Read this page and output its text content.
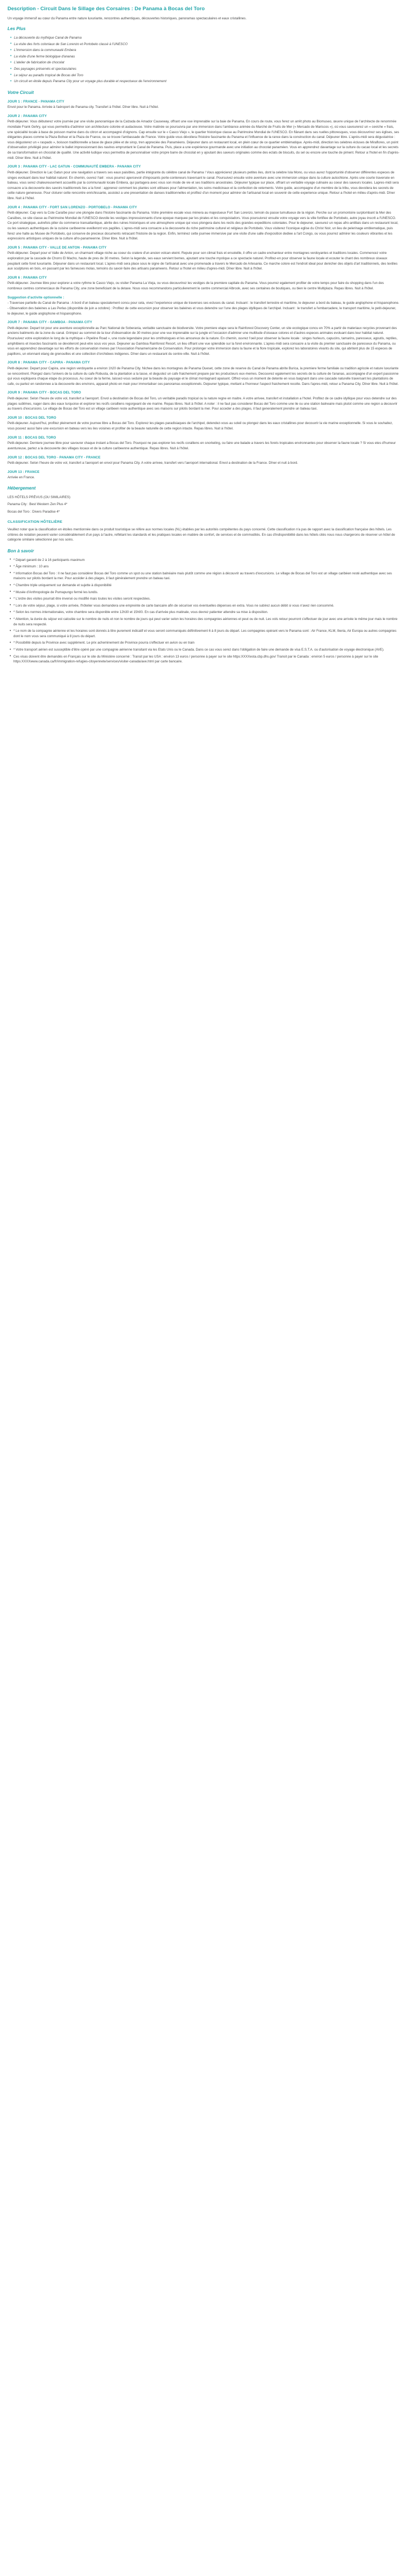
Description - Circuit Dans le Sillage des Corsaires : De Panama à Bocas del Toro

Un voyage immersif au cœur du Panama entre nature luxuriante, rencontres authentiques, découvertes historiques, panoramas spectaculaires et eaux cristallines.

Les Plus
• La découverte du mythique Canal de Panama
• La visite des forts coloniaux de San Lorenzo et Portobelo classé à l'UNESCO
• L'immersion dans la communauté Embera
• La visite d'une ferme biologique d'ananas
• L'atelier de fabrication de chocolat
• Des paysages préservés et spectaculaires
• Le séjour au paradis tropical de Bocas del Toro
• Un circuit en étoile depuis Panama City pour un voyage plus durable et respectueux de l'environnement
Votre Circuit
JOUR 1 : FRANCE - PANAMA CITY

Envol pour le Panama. Arrivée à l'aéroport de Panama city. Transfert à l'hôtel. Dîner libre. Nuit à l'hôtel.

JOUR 2 : PANAMA CITY

Petit-déjeuner. Vous débuterez votre journée par une visite panoramique de la Calzada de Amador Causeway, offrant une vue imprenable sur la baie de Panama. En cours de route, vous ferez un arrêt photo au Biomuseo, œuvre unique de l'architecte de renommée mondiale Frank Gehry, qui vous permettra d'admirer son architecture colorée et audacieuse. Votre matinée se poursuivra par une immersion dans l'ambiance animée du Marché de Fruits de Mer (« Mercado de Mariscos »), où vous savourerez un « ceviche » frais, une spécialité locale à base de poisson marine dans du citron et accompagné d'oignons. Cap ensuite sur le « Casco Viejo », le quartier historique classe au Patrimoine Mondial de l'UNESCO. En flânant dans ses ruelles pittoresques, vous découvrirez ses églises, ses élégantes places comme la Plaza Bolivar et la Plaza de France, ou se trouve l'ambassade de France. Votre guide vous dévoilera l'histoire fascinante du Panama et l'influence de la rance dans la construction du canal. Déjeuner libre. L'après-midi sera dégustatrice : vous dégusterez un « raspado », boisson traditionnelle a base de glace pilée et de sirop, tren appreciée des Panaméens. Déjeuner dans un restaurant local, en plein cœur de ce quartier emblématique. Après-midi, direction les celebres écluses de Miraflores, un point d'observation privilégié pour admirer le ballet impressionnant des navires empruntant le Canal de Panama. Puis, place a une expérience gourmande avec une initiation au chocolat panaméen. Vous en apprendrez davantage sur la culture du cacao local et les secrets de sa transformation en chocolat de qualité. Une activité ludique vous permettra de personnaliser votre propre barre de chocolat en y ajoutant des saveurs originales comme des eclats de biscuits, du sel ou encore une touche de piment. Retour a l'hotel en fin d'après-midi. Dîner libre. Nuit à l'hôtel.

JOUR 3 : PANAMA CITY - LAC GATUN - COMMUNAUTÉ EMBERA - PANAMA CITY

Petit-déjeuner. Direction le Lac Gatun pour une navigation a travers ses eaux paisibles, partie intégrante du célèbre canal de Panama ! Vous apprécierez plusieurs petites iles, dont la celebre Isla Mono, ou vous aurez l'opportunité d'observer différentes especes de singes evoluant dans leur habitat naturel. En chemin, ouvrez l'œil : vous pourrez apercevoir d'imposants porte-conteneurs traversant le canal. Poursuivez ensuite votre aventure avec une immersion unique dans la culture autochtone. Après une courte traversée en bateau, vous serez chaleureusement accueillis par la communauté locale Embera, qui partagera avec vous son mode de vie et ses traditions ancestrales. Déjeuner typique sur place, offrant un veritable voyage culinaire au coeur des saveurs locales. Lapres-midi sera consacre a la decouverte des savoirs traditionnels lies a la foret : apprenez comment les plantes sont utilisees pour l'alimentation, les soins medicinaux et la confection de vetements. Votre guide, accompagne d'un membre de la tribu, vous devoilera les secrets de cette nature genereuse. Pour cloturer cette rencontre enrichissante, assistez a une presentation de danses traditionnelles et profitez d'un moment pour admirer de l'artisanat local en souvenir de cette experience unique. Retour a l'hotel en milieu d'après-midi. Dîner libre. Nuit à l'hôtel.

JOUR 4 : PANAMA CITY - FORT SAN LORENZO - PORTOBELO - PANAMA CITY

Petit-déjeuner. Cap vers la Cote Caraïbe pour une plongée dans l'histoire fascinante du Panama. Votre première escale vous mènera au majestueux Fort San Lorenzo, temoin du passe tumultueux de la région. Perche sur un promontoire surplombant la Mer des Caraïbes, ce site classe au Patrimoine Mondial de l'UNESCO devoile les vestiges impressionnants d'une epoque marquee par les pirates et les conquistadors. Vous poursuivrez ensuite votre voyage vers la ville fortifiee de Portobelo, autre joyau inscrit a l'UNESCO. Ce port strategique, autrefois pilier du commerce transatlantique, abrite des ruines historiques et une atmosphere unique qui vous plongera dans les recits des grandes expeditions coloniales. Pour le dejeuner, savourez un repas afro-antillais dans un restaurant local, ou les saveurs authentiques de la cuisine caribeenne eveilleront vos papilles. L'apres-midi sera consacre a la decouverte du riche patrimoine culturel et religieux de Portobelo. Vous visiterez l'iconique eglise du Christ Noir, un lieu de pelerinage emblematique, puis ferez une halte au Musee de Portobelo, qui conserve de precieux documents retracant l'histoire de la region. Enfin, terminez cette journee immersive par une visite d'une salle d'exposition dediee a l'art Congo, ou vous pourrez admirer les couleurs vibrantes et les expressions artistiques uniques de la culture afro-panameenne. Dîner libre. Nuit à l'hôtel.

JOUR 5 : PANAMA CITY - VALLE DE ANTON - PANAMA CITY

Petit-déjeuner. Depart pour el Valle de Anton, un charmant village niche au coeur du cratere d'un ancien volcan eteint. Repute pour son climat frais et ensoleille, il offre un cadre enchanteur entre montagnes verdoyantes et traditions locales. Commencez votre exploration par la cascade de Chorro El Macho, haute de pres de 30 metres. Selon la legende, ses eaux servient bemes, ajoutant une touche mystique a ce spectacle naturel. Profitez-en pour observer la faune locale et ecouter le chant des nombreux oiseaux peuplant cette foret luxuriante. Déjeuner dans un restaurant local. L'apres-midi sera place sous le signe de l'artisanat avec une promenade a travers le Mercado de Artesania. Ce marche colore est l'endroit ideal pour denicher des objets d'art traditionnels, des textiles aux sculptures en bois, en passant par les fameuses molas, temoins du savoir-faire des artisans panameens. Retour a l'hotel en milieu d'apres-midi. Dîner libre. Nuit à l'hôtel.

JOUR 6 : PANAMA CITY

Petit-déjeuner. Journee libre pour explorer a votre rythme le Casco Viejo, ou visiter Panama La Vieja, ou vous decouvrirez les vestiges de la premiere capitale du Panama. Vous pourrez egalement profiter de votre temps pour faire du shopping dans l'un des nombreux centres commerciaux de Panama City, une zone beneficiant de la detaxe. Nous vous recommandons particulierement le centre commercial Albrook, avec ses centaines de boutiques, ou bien le centre Multiplaza. Repas libres. Nuit à l'hôtel.

Suggestion d'activite optionnelle :

- Traversee partielle du Canal de Panama : A bord d'un bateau specialement concu pour cela, vivez l'experience unique de traverses ses ecluses du canal. Incluant : le transfert terrestre et maritime, le dejeuner a bord du bateau, le guide anglophone et hispanophone. - Observation des baleines a Las Perlas (disponible de juin a octobre) : Profitez de cette excursion pour observer les baleines et vous detendre sur l'une des plages idylliques de l'archipel. Incluant : le transfert a l'embarcadere, le transport maritime, le petit-dejeuner, le dejeuner, le guide anglophone et hispanophone.

JOUR 7 : PANAMA CITY - GAMBOA - PANAMA CITY

Petit-dejeuner. Depart tot pour une aventure exceptionnelle au Parc National de Soberania, veritable sanctuaire de biodiversite. Votre premiere etape sera le Rainforest Discovery Center, un site ecologique concu en 70% a partir de materiaux recycles provenant des anciens batiments de la zone du canal. Grimpez au sommet de la tour d'observation de 30 metres pour une vue imprenable sur la jungle et l'occasion d'admirer une multitude d'oiseaux colores et d'autres especes animales evoluant dans leur habitat naturel. Poursuivez votre exploration le long de la mythique « Pipeline Road », une route legendaire pour les ornithologues et les amoureux de la nature. En chemin, ouvrez l'oeil pour observer la faune locale : singes hurleurs, capucins, tamarins, paresseux, agoutis, reptiles, amphibiens et insectes fascinants se devoileront peut-etre sous vos yeux. Dejeuner au Gamboa Rainforest Resort, un lieu offrant une vue splendide sur la foret environnante. L'apres-midi sera consacre a la visite du premier sanctuaire de paresseux du Panama, ou vous en apprendrez davantage sur les efforts de conservation menes par l'Association Panamericaine de Conservation. Pour prolonger votre immersion dans la faune et la flore tropicale, explorez les laboratoires vivants du site, qui abritent plus de 15 especes de papillons, un etonnant etang de grenouilles et une collection d'orchidees indigenes. Dîner dans un restaurant du centre-ville. Nuit à l'hôtel.

JOUR 8 : PANAMA CITY - CAPIRA - PANAMA CITY

Petit-dejeuner. Depart pour Capira, une region verdoyante a environ 1h20 de Panama City. Nichee dans les montagnes de Panama Oueset, cette zone de reserve du Canal de Panama abrite Burica, la premiere ferme familiale ou tradition agricole et nature luxuriante se rencontrent. Plongez dans l'univers de la culture du cafe Robusta, de la plantation a la tasse, et degustez un cafe fraichement prepare par les producteurs eux-memes. Decouvrez egalement les secrets de la culture de l'ananas, accompagne d'un expert passionne qui vous expliquera chaque etape du processus. Au coeur de la ferme, laissez-vous seduire par la beaute du paysage et le climat montagnard apaisant. Offrez-vous un moment de detente en vous baignant dans une cascade naturelle traversant les plantations de cafe, ou partez en randonnee a la decouverte des environs, apparait photo en main pour immortaliser ces panoramas exceptionnels. Dejeuner typique, mettant a l'honneur l'aspect fraichement recolte. Dans l'apres-midi, retour a Panama City. Dîner libre. Nuit à l'hôtel.

JOUR 9 : PANAMA CITY - BOCAS DEL TORO

Petit-dejeuner. Selon l'heure de votre vol, transfert a l'aeroport. Envol a destination de Bocas del Toro, un veritable paradis tropical ou la nature regne en maitre. A votre arrivee, transfert et installation a l'hotel. Profitez de ce cadre idyllique pour vous detendre sur des plages sublimes, nager dans des eaux turquoise et explorer les recifs coralliens regorgeant de vie marine. Repas libres. Nuit à l'hôtel. A noter : il ne faut pas considerer Bocas del Toro comme une ile ou une station balneaire mais plutot comme une region a decouvrir au travers d'excursions. Le village de Bocas del Toro est un village caribeen reste authentique avec ses maisons sur pilotis bordant la mer. Pour acceder a des plages, il faut generalement prendre un bateau taxi.

JOUR 10 : BOCAS DEL TORO

Petit-dejeuner. Aujourd'hui, profitez pleinement de votre journee libre a Bocas del Toro. Explorez les plages paradisiaques de l'archipel, detendez-vous au soleil ou plongez dans les eaux cristallines pour decouvrir la vie marine exceptionnelle. Si vous le souhaitez, vous pouvez aussi faire une excursion en bateau vers les iles voisines et profiter de la beaute naturelle de cette region intacte. Repas libres. Nuit à l'hôtel.

JOUR 11 : BOCAS DEL TORO

Petit-dejeuner. Derniere journee libre pour savourer chaque instant a Bocas del Toro. Pourquoi ne pas explorer les recifs coralliens en snorkeling, ou faire une balade a travers les forets tropicales environnantes pour observer la faune locale ? Si vous etes d'humeur aventureuse, partez a la decouverte des villages locaux et de la culture caribeenne authentique. Repas libres. Nuit à l'hôtel.

JOUR 12 : BOCAS DEL TORO - PANAMA CITY - FRANCE

Petit-dejeuner. Selon l'heure de votre vol, transfert a l'aeroport en envol pour Panama City. A votre arrivee, transfert vers l'aeroport international. Envol a destination de la France. Dîner et nuit à bord.

JOUR 13 : FRANCE

Arrivée en France.

Hébergement

LES HÔTELS PRÉVUS (OU SIMILAIRES)

Panama City : Best Western Zen Plus 4*

Bocas del Toro : Divers Paradise 4*

CLASSIFICATION HÔTELIÈRE

Veuillez noter que la classification en étoiles mentionnée dans ce produit touristique se réfère aux normes locales (NL) établies par les autorités compétentes du pays concerné. Cette classification n'a pas de rapport avec la classification française des hôtels. Les critères de notation peuvent varier considérablement d'un pays à l'autre, reflétant les standards et les pratiques locales en matière de confort, de services et de commodités. En cas d'indisponibilité dans les hôtels cités nous nous chargerons de réserver un hôtel de catégorie similaire sélectionné par nos soins.

Bon à savoir
• * Départ garanti de 2 à 16 participants maximum
• * Âge minimum : 10 ans
• * Information Bocas del Toro : Il ne faut pas considérer Bocas del Toro comme un spot ou une station balnéaire mais plutôt comme une région à découvrir au travers d'excursions. Le village de Bocas del Toro est un village caribéen resté authentique avec ses maisons sur pilotis bordant la mer. Pour accéder à des plages, il faut généralement prendre un bateau taxi.
• * Chambre triple uniquement sur demande et sujette à disponibilité
• * Musée d'Anthropologie de Pumapungo fermé les lundis.
• * L'ordre des visites pourrait être inversé ou modifié mais toutes les visites seront respectées.
• * Lors de votre séjour, plage, si votre arrivée, l'hôtelier vous demandera une empreinte de carte bancaire afin de sécuriser vos éventuelles dépenses en extra. Vous ne subirez aucun débit si vous n'avez rien consommé.
• * Selon les normes internationales, votre chambre sera disponible entre 12h30 et 15h00. En cas d'arrivée plus matinale, vous devrez patienter attendre sa mise à disposition.
• * Attention, la durée du séjour est calculée sur le nombre de nuits et non le nombre de jours qui peut varier selon les horaires des compagnies aériennes et peut ou de nuit. Les vols retour pourront s'effectuer de jour avec une arrivée le même jour mais le nombre de nuits sera respecté.
• * Le nom de la compagnie aérienne et les horaires sont donnés à titre purement indicatif et vous seront communiqués définitivement 6 à 8 jours du départ. Les compagnies opérant vers le Panama sont : Air France, KLM, Iberia, Air Europa ou autres compagnies dont le nom vous sera communiqué à 8 jours du départ.
• * Possibilité depuis la Province avec supplément. Le prix acheminement de Province pourra s'effectuer en avion ou en train
• * Votre transport aérien est susceptible d'être opéré par une compagnie aérienne transitant via les Etats Unis ou le Canada. Dans ce cas vous serez dans l'obligation de faire une demande de visa E.S.T.A. ou d'autorisation de voyage électronique (AVE).
• Ces visas doivent être demandés en Français sur le site du Ministère concerné : Transit par les USA : environ 13 euros / personne à payer sur le site https:XXXXesta.cbp.dhs.gov/ Transit par le Canada : environ 5 euros / personne à payer sur le site https:XXXXwww.canada.ca/fr/immigration-refugies-citoyennete/services/visiter-canada/ave.html par carte bancaire.
